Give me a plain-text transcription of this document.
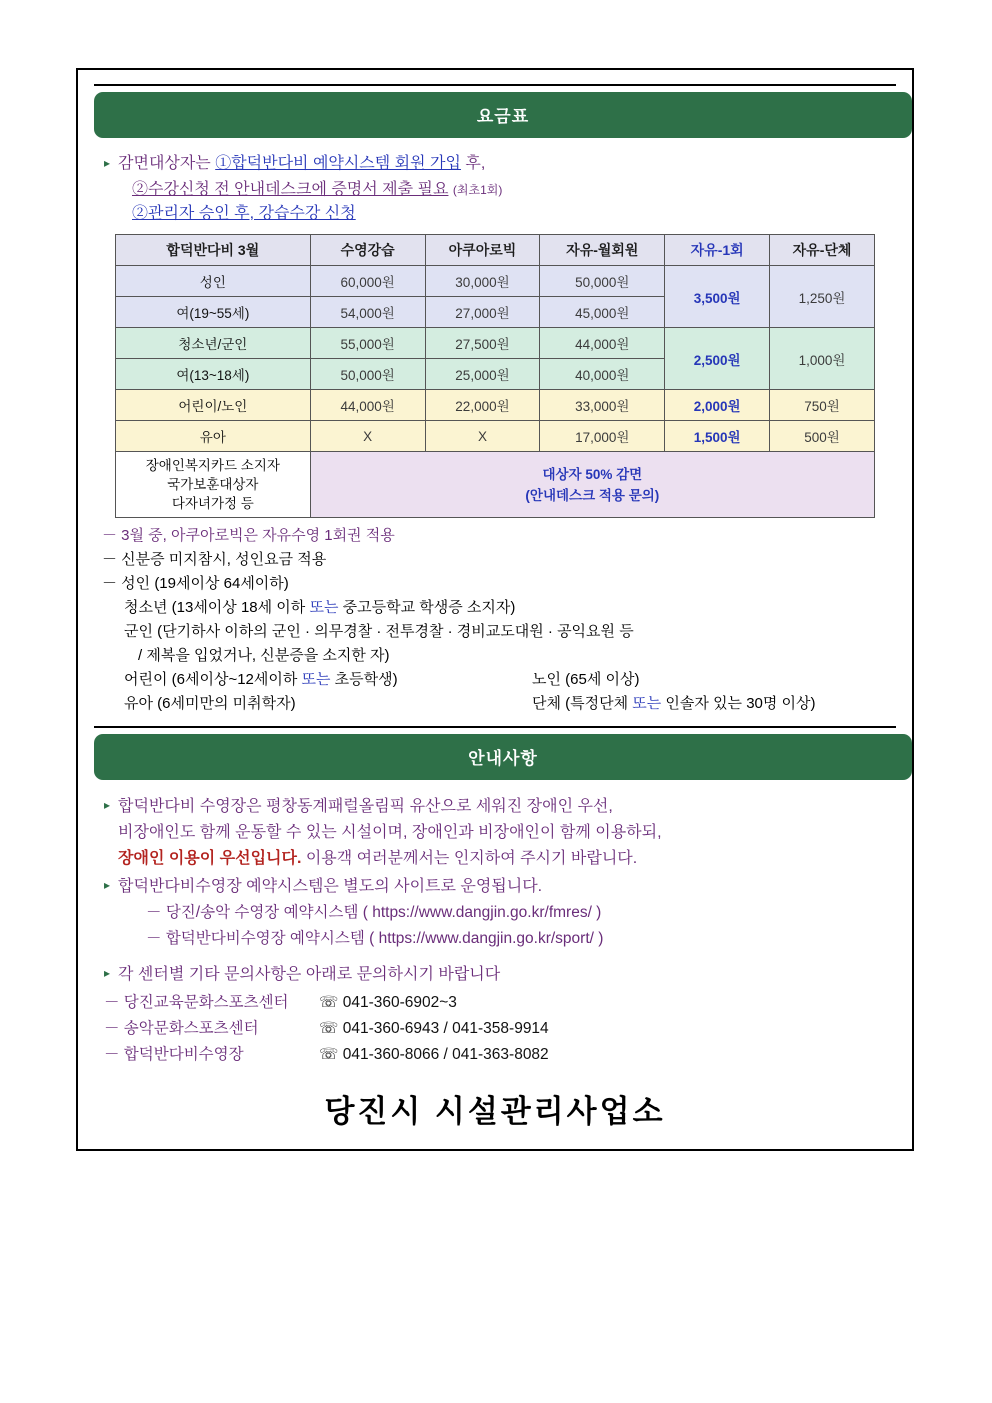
요금표
▸ 감면대상자는 ①합덕반다비 예약시스템 회원 가입 후,
②수강신청 전 안내데스크에 증명서 제출 필요 (최초1회)
②관리자 승인 후, 강습수강 신청
합덕반다비 3월	수영강습	아쿠아로빅	자유-월회원	자유-1회	자유-단체
성인	60,000원	30,000원	50,000원	3,500원	1,250원
여(19~55세)	54,000원	27,000원	45,000원		
청소년/군인	55,000원	27,500원	44,000원	2,500원	1,000원
여(13~18세)	50,000원	25,000원	40,000원		
어린이/노인	44,000원	22,000원	33,000원	2,000원	750원
유아	X	X	17,000원	1,500원	500원

장애인복지카드 소지자
국가보훈대상자
다자녀가정 등	대상자 50% 감면
(안내데스크 적용 문의)				
－ 3월 중, 아쿠아로빅은 자유수영 1회권 적용
－ 신분증 미지참시, 성인요금 적용
－ 성인 (19세이상 64세이하)
청소년 (13세이상 18세 이하 또는 중고등학교 학생증 소지자)
군인 (단기하사 이하의 군인 · 의무경찰 · 전투경찰 · 경비교도대원 · 공익요원 등
/ 제복을 입었거나, 신분증을 소지한 자)
어린이 (6세이상~12세이하 또는 초등학생)
유아 (6세미만의 미취학자)
노인 (65세 이상)
단체 (특정단체 또는 인솔자 있는 30명 이상)
안내사항
▸ 합덕반다비 수영장은 평창동계패럴올림픽 유산으로 세워진 장애인 우선,
비장애인도 함께 운동할 수 있는 시설이며, 장애인과 비장애인이 함께 이용하되,
장애인 이용이 우선입니다. 이용객 여러분께서는 인지하여 주시기 바랍니다.
▸ 합덕반다비수영장 예약시스템은 별도의 사이트로 운영됩니다.
－ 당진/송악 수영장 예약시스템 ( https://www.dangjin.go.kr/fmres/ )
－ 합덕반다비수영장 예약시스템 ( https://www.dangjin.go.kr/sport/ )
▸ 각 센터별 기타 문의사항은 아래로 문의하시기 바랍니다
－ 당진교육문화스포츠센터	☏ 041-360-6902~3
－ 송악문화스포츠센터	☏ 041-360-6943 / 041-358-9914
－ 합덕반다비수영장	☏ 041-360-8066 / 041-363-8082
당진시 시설관리사업소
